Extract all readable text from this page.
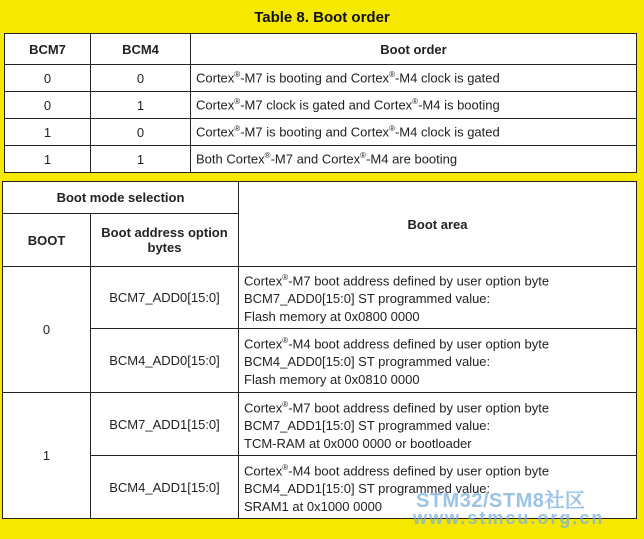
Table 8. Boot order
BCM7	BCM4	Boot order
0	0	Cortex®-M7 is booting and Cortex®-M4 clock is gated
0	1	Cortex®-M7 clock is gated and Cortex®-M4 is booting
1	0	Cortex®-M7 is booting and Cortex®-M4 clock is gated
1	1	Both Cortex®-M7 and Cortex®-M4 are booting
Boot mode selection		Boot area
BOOT	Boot address option bytes	
0	BCM7_ADD0[15:0]	Cortex®-M7 boot address defined by user option byte
BCM7_ADD0[15:0] ST programmed value:
Flash memory at 0x0800 0000
	BCM4_ADD0[15:0]	Cortex®-M4 boot address defined by user option byte
BCM4_ADD0[15:0] ST programmed value:
Flash memory at 0x0810 0000
1	BCM7_ADD1[15:0]	Cortex®-M7 boot address defined by user option byte
BCM7_ADD1[15:0] ST programmed value:
TCM-RAM at 0x000 0000 or bootloader
	BCM4_ADD1[15:0]	Cortex®-M4 boot address defined by user option byte
BCM4_ADD1[15:0] ST programmed value:
SRAM1 at 0x1000 0000 STM32/STM8社区
www.stmcu.org.cn
